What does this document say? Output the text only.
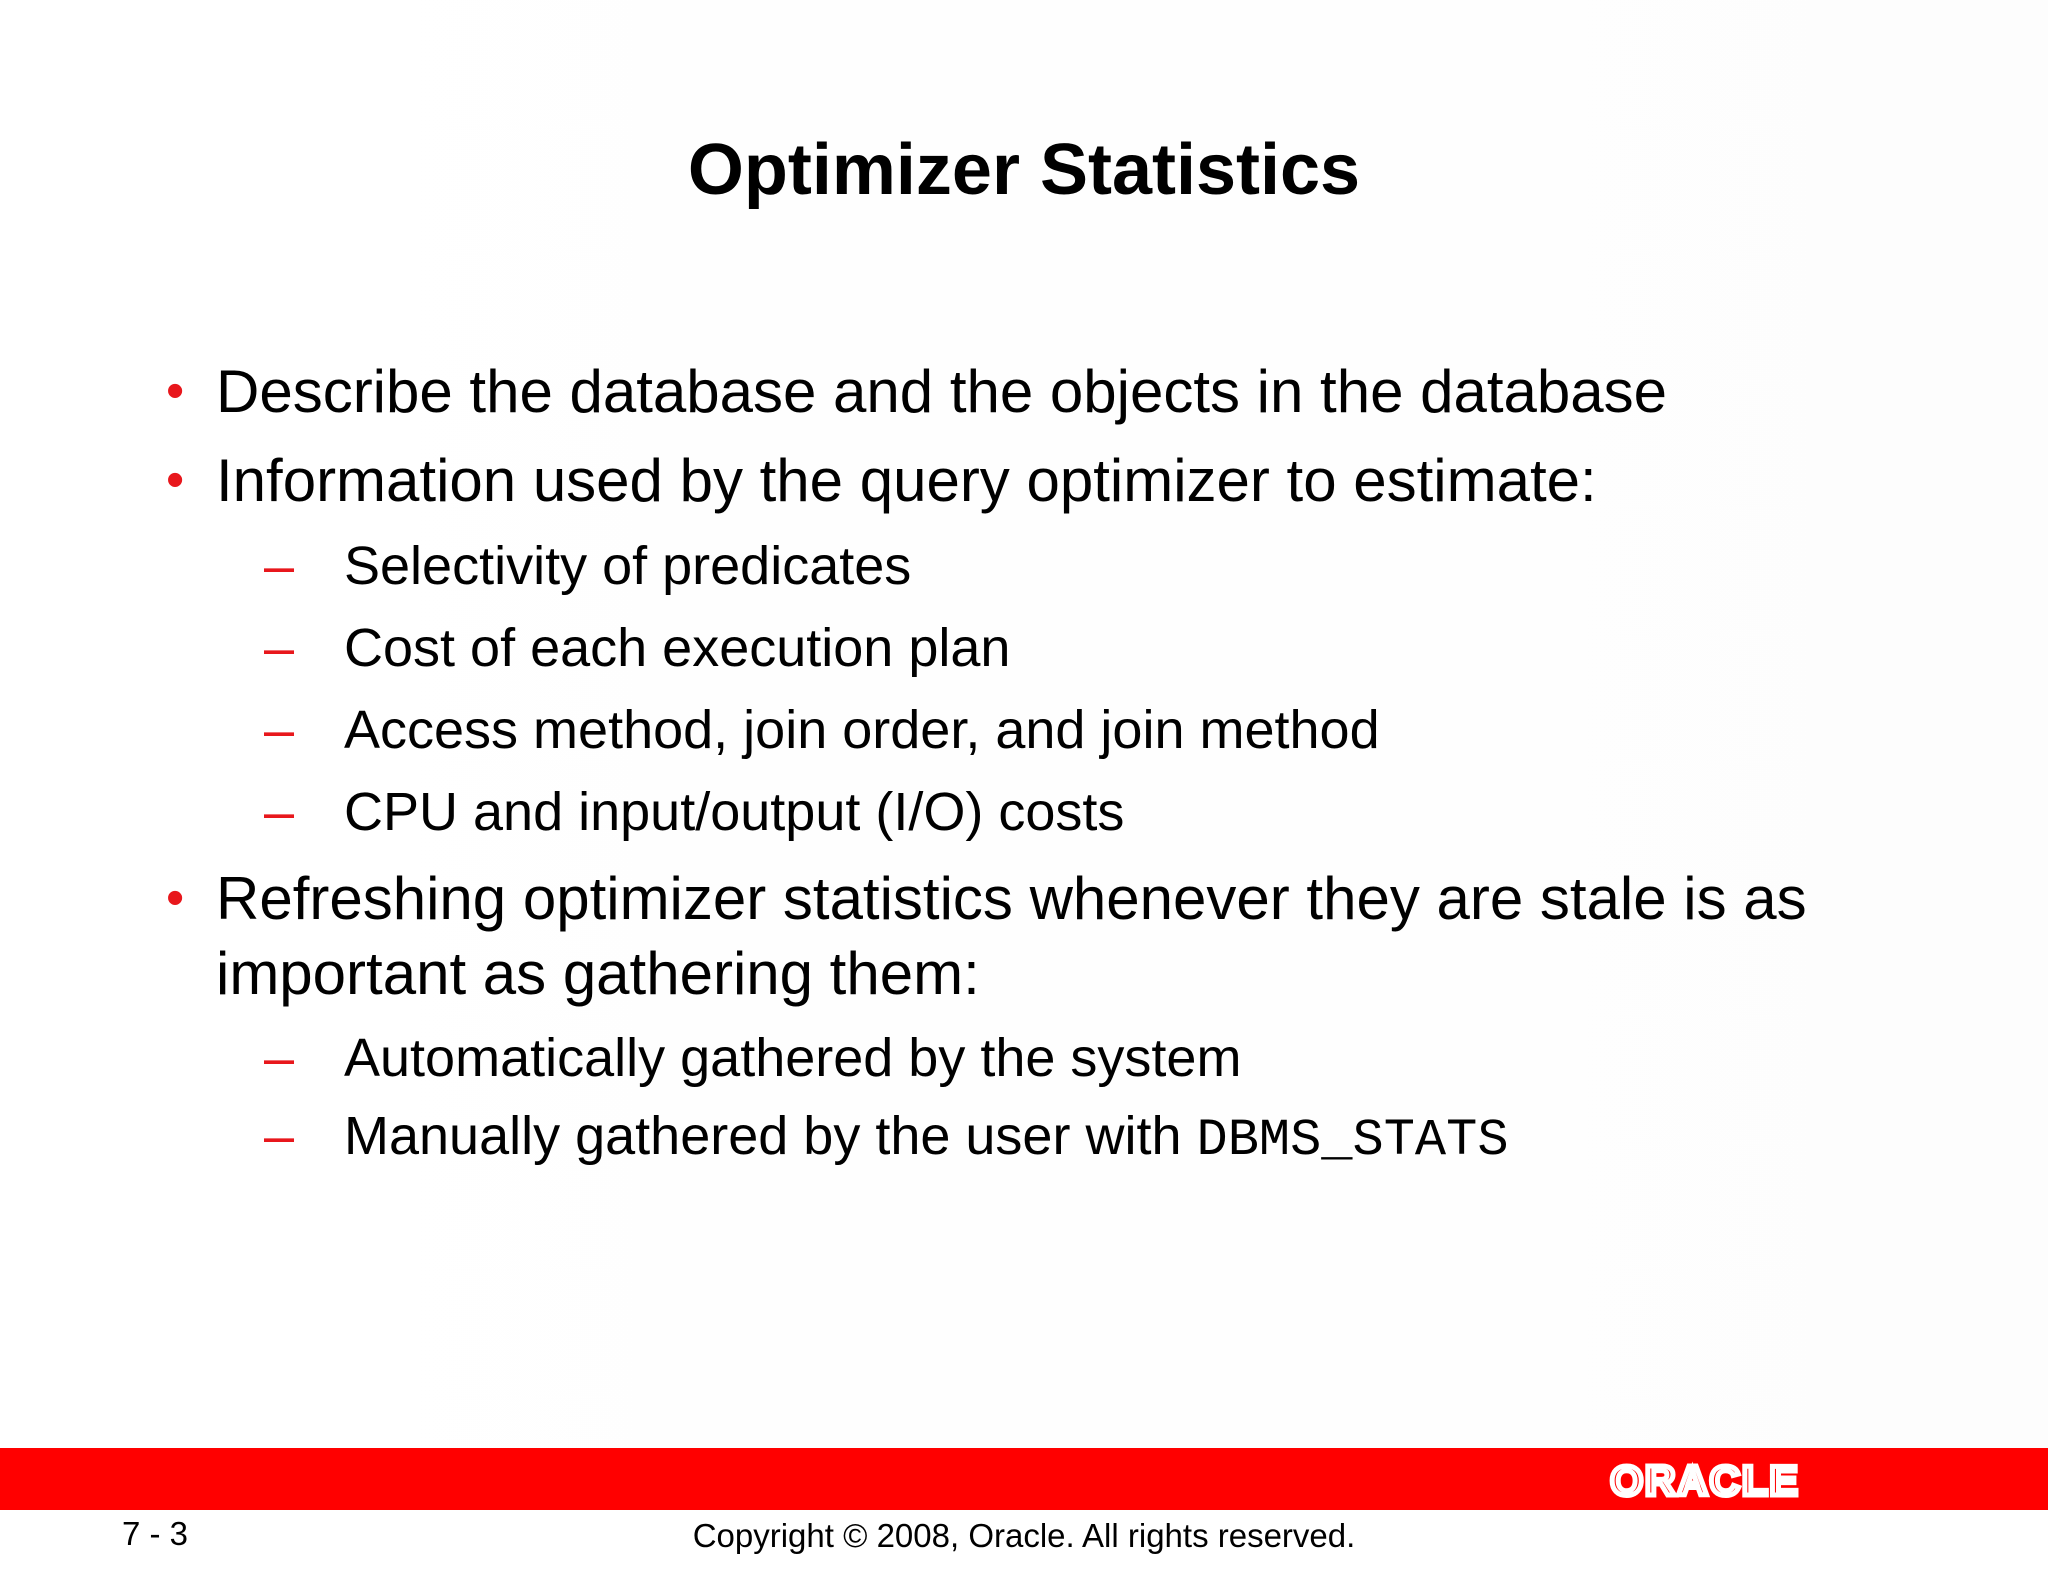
Optimizer Statistics
• Describe the database and the objects in the database
• Information used by the query optimizer to estimate:
– Selectivity of predicates
– Cost of each execution plan
– Access method, join order, and join method
– CPU and input/output (I/O) costs
• Refreshing optimizer statistics whenever they are stale is as
important as gathering them:
– Automatically gathered by the system
– Manually gathered by the user with DBMS_STATS
ORACLE
7 - 3	Copyright © 2008, Oracle. All rights reserved.
